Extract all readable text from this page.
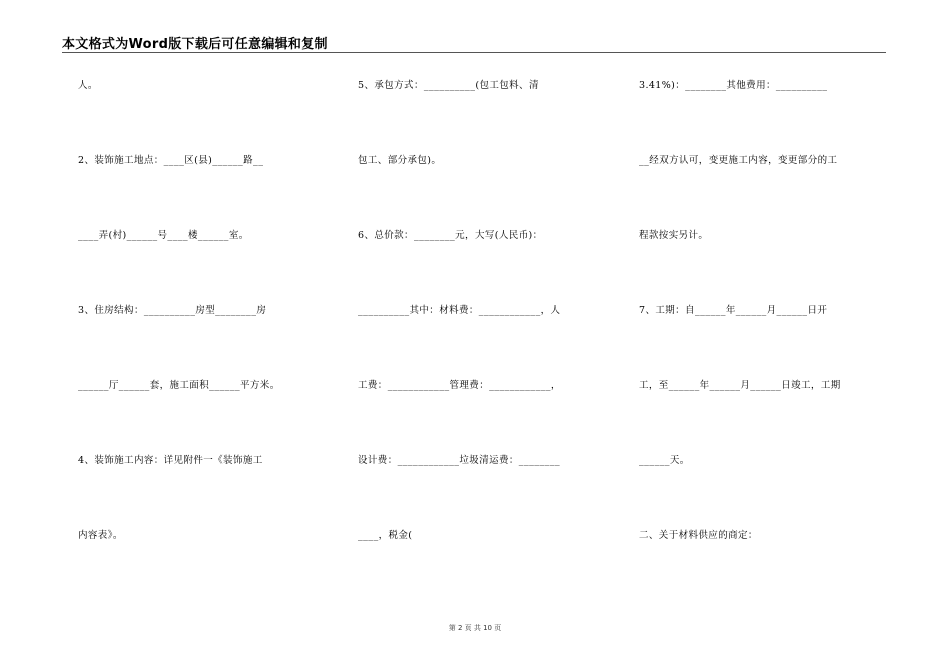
本文格式为Word版下载后可任意编辑和复制
人。
2、装饰施工地点：____区(县)______路__
____弄(村)______号____楼______室。
3、住房结构：__________房型________房
______厅______套，施工面积______平方米。
4、装饰施工内容：详见附件一《装饰施工
内容表》。
5、承包方式：__________(包工包料、清
包工、部分承包)。
6、总价款：________元，大写(人民币)：
__________其中：材料费：____________，人
工费：____________管理费：____________，
设计费：____________垃圾清运费：________
____，税金(
3.41%)：________其他费用：__________
__经双方认可，变更施工内容，变更部分的工
程款按实另计。
7、工期：自______年______月______日开
工，至______年______月______日竣工，工期
______天。
二、关于材料供应的商定：
第 2 页 共 10 页
